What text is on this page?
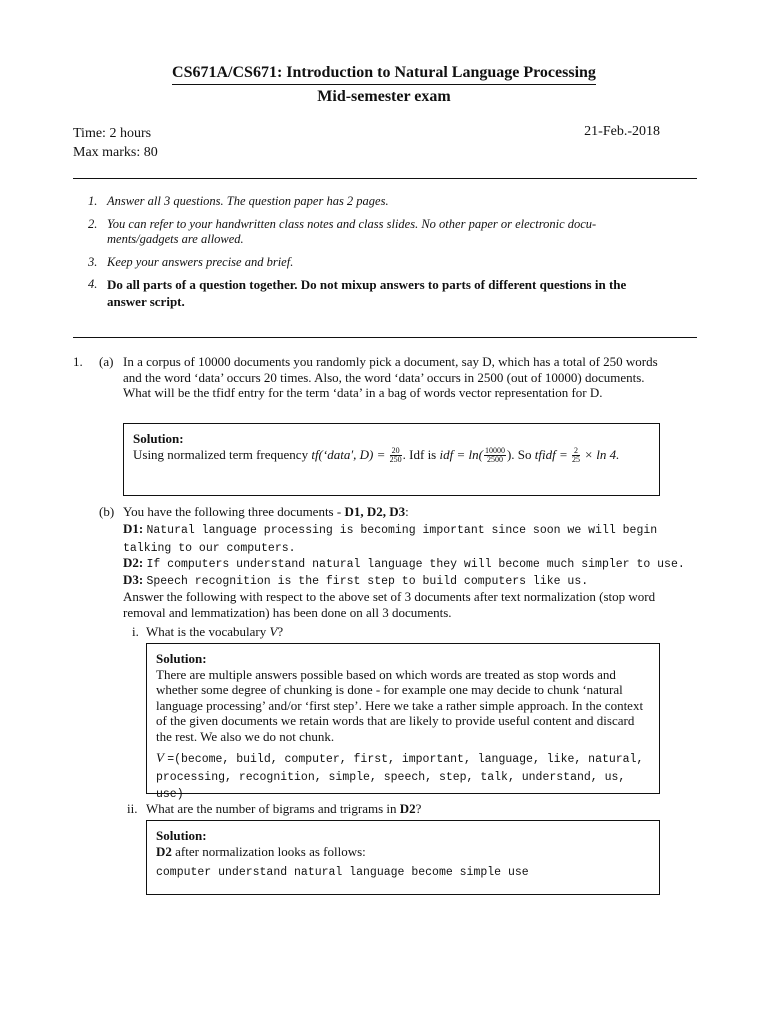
CS671A/CS671: Introduction to Natural Language Processing
Mid-semester exam
Time: 2 hours
Max marks: 80
21-Feb.-2018
1. Answer all 3 questions. The question paper has 2 pages.
2. You can refer to your handwritten class notes and class slides. No other paper or electronic docu-ments/gadgets are allowed.
3. Keep your answers precise and brief.
4. Do all parts of a question together. Do not mixup answers to parts of different questions in the answer script.
1. (a) In a corpus of 10000 documents you randomly pick a document, say D, which has a total of 250 words and the word ‘data’ occurs 20 times. Also, the word ‘data’ occurs in 2500 (out of 10000) documents. What will be the tfidf entry for the term ‘data’ in a bag of words vector representation for D.
Solution:
Using normalized term frequency tf(‘data′, $D) = \frac{20}{250}$ . Idf is idf = $\ln( \frac{10000}{2500}$ ). So tfidf = $\frac{2}{25} \times \ln 4$.
(b) You have the following three documents - D1, D2, D3:
D1: Natural language processing is becoming important since soon we will begin talking to our computers.
D2: If computers understand natural language they will become much simpler to use.
D3: Speech recognition is the first step to build computers like us.
Answer the following with respect to the above set of 3 documents after text normalization (stop word removal and lemmatization) has been done on all 3 documents.
i. What is the vocabulary V?
Solution:
There are multiple answers possible based on which words are treated as stop words and whether some degree of chunking is done - for example one may decide to chunk ‘natural language processing’ and/or ‘first step’. Here we take a rather simple approach. In the context of the given documents we retain words that are likely to provide useful content and discard the rest. We also we do not chunk.
V =(become, build, computer, first, important, language, like, natural, processing, recognition, simple, speech, step, talk, understand, us, use)
ii. What are the number of bigrams and trigrams in D2?
Solution:
D2 after normalization looks as follows:
computer understand natural language become simple use
